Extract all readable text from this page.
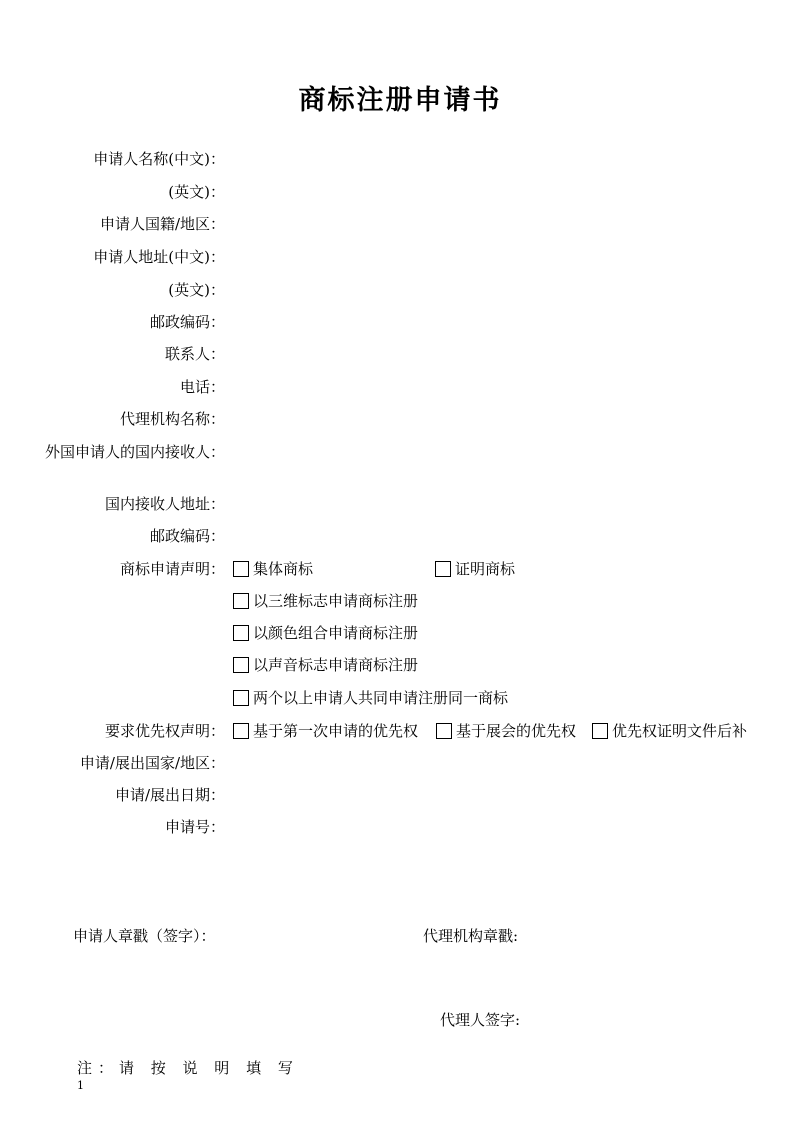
商标注册申请书
申请人名称(中文)：
(英文)：
申请人国籍/地区：
申请人地址(中文)：
(英文)：
邮政编码：
联系人：
电话：
代理机构名称：
外国申请人的国内接收人：
国内接收人地址：
邮政编码：
商标申请声明： 集体商标	证明商标
以三维标志申请商标注册
以颜色组合申请商标注册
以声音标志申请商标注册
两个以上申请人共同申请注册同一商标
要求优先权声明： 基于第一次申请的优先权	基于展会的优先权 优先权证明文件后补
申请/展出国家/地区：
申请/展出日期：
申请号：
申请人章戳（签字）：	代理机构章戳:
代理人签字:
注：请 按 说 明 填 写
1
